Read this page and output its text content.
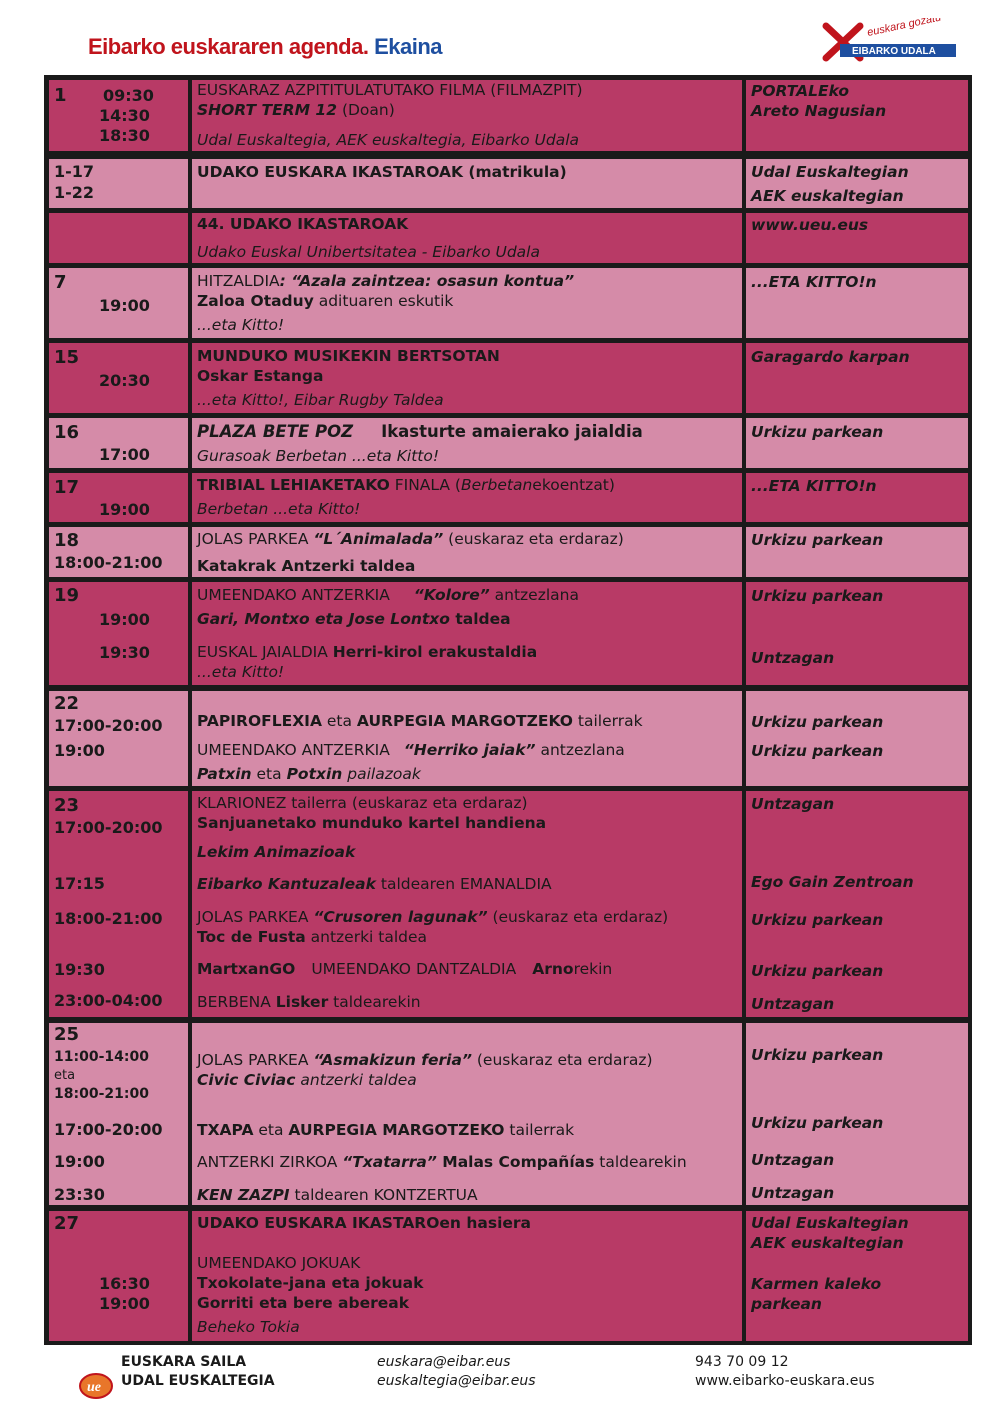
Eibarko euskararen agenda. Ekaina
euskara gozatu
EIBARKO UDALA
1 09:30
14:30
18:30
EUSKARAZ AZPITITULATUTAKO FILMA (FILMAZPIT)
SHORT TERM 12 (Doan)
Udal Euskaltegia, AEK euskaltegia, Eibarko Udala
PORTALEko
Areto Nagusian
1-17
1-22
UDAKO EUSKARA IKASTAROAK (matrikula)	Udal Euskaltegian
AEK euskaltegian
44. UDAKO IKASTAROAK
Udako Euskal Unibertsitatea - Eibarko Udala
www.ueu.eus
7
19:00
HITZALDIA: “Azala zaintzea: osasun kontua”
Zaloa Otaduy adituaren eskutik
...eta Kitto!
...ETA KITTO!n
15
20:30
MUNDUKO MUSIKEKIN BERTSOTAN
Oskar Estanga
...eta Kitto!, Eibar Rugby Taldea
Garagardo karpan
16
17:00
PLAZA BETE POZ Ikasturte amaierako jaialdia
Gurasoak Berbetan ...eta Kitto!
Urkizu parkean
17
19:00
TRIBIAL LEHIAKETAKO FINALA (Berbetanekoentzat)
Berbetan ...eta Kitto!
...ETA KITTO!n
18
18:00-21:00
JOLAS PARKEA “L´Animalada” (euskaraz eta erdaraz)
Katakrak Antzerki taldea
Urkizu parkean
19
19:00
19:30
UMEENDAKO ANTZERKIA “Kolore” antzezlana
Gari, Montxo eta Jose Lontxo taldea
EUSKAL JAIALDIA Herri-kirol erakustaldia
...eta Kitto!
Urkizu parkean
Untzagan
22
17:00-20:00
19:00
PAPIROFLEXIA eta AURPEGIA MARGOTZEKO tailerrak
UMEENDAKO ANTZERKIA “Herriko jaiak” antzezlana
Patxin eta Potxin pailazoak
Urkizu parkean
Urkizu parkean
23
17:00-20:00
17:15
18:00-21:00
19:30
23:00-04:00
KLARIONEZ tailerra (euskaraz eta erdaraz)
Sanjuanetako munduko kartel handiena
Lekim Animazioak
Eibarko Kantuzaleak taldearen EMANALDIA
JOLAS PARKEA “Crusoren lagunak” (euskaraz eta erdaraz)
Toc de Fusta antzerki taldea
MartxanGO UMEENDAKO DANTZALDIA Arnorekin
BERBENA Lisker taldearekin
Untzagan
Ego Gain Zentroan
Urkizu parkean
Urkizu parkean
Untzagan
25
11:00-14:00
eta
18:00-21:00
17:00-20:00
19:00
23:30
JOLAS PARKEA “Asmakizun feria” (euskaraz eta erdaraz)
Civic Civiac antzerki taldea
TXAPA eta AURPEGIA MARGOTZEKO tailerrak
ANTZERKI ZIRKOA “Txatarra” Malas Compañías taldearekin
KEN ZAZPI taldearen KONTZERTUA
Urkizu parkean
Urkizu parkean
Untzagan
Untzagan
27
16:30
19:00
UDAKO EUSKARA IKASTAROen hasiera
UMEENDAKO JOKUAK
Txokolate-jana eta jokuak
Gorriti eta bere abereak
Beheko Tokia
Udal Euskaltegian
AEK euskaltegian
Karmen kaleko
parkean
ue
EUSKARA SAILA
UDAL EUSKALTEGIA
euskara@eibar.eus
euskaltegia@eibar.eus
943 70 09 12
www.eibarko-euskara.eus
